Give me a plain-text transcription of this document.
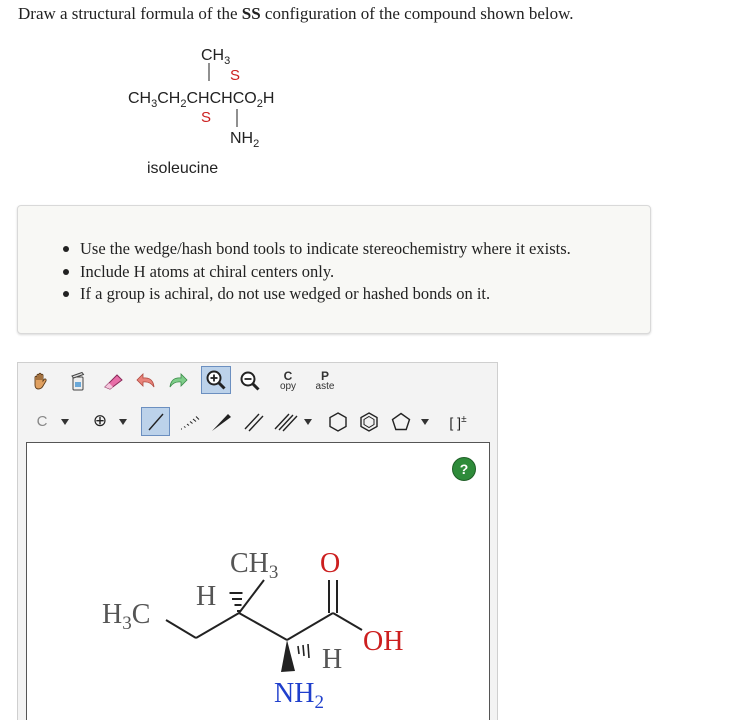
Draw a structural formula of the SS configuration of the compound shown below.
$CH_3$
S
$CH_3CH_2CHCHCO_2H$
S
$NH_2$
isoleucine
Use the wedge/hash bond tools to indicate stereochemistry where it exists.
Include H atoms at chiral centers only.
If a group is achiral, do not use wedged or hashed bonds on it.
C
opy
P
aste
C	⊕	[ ]±
?
$H_3C$
H
$CH_3$ O
OH
H
$NH_2$
